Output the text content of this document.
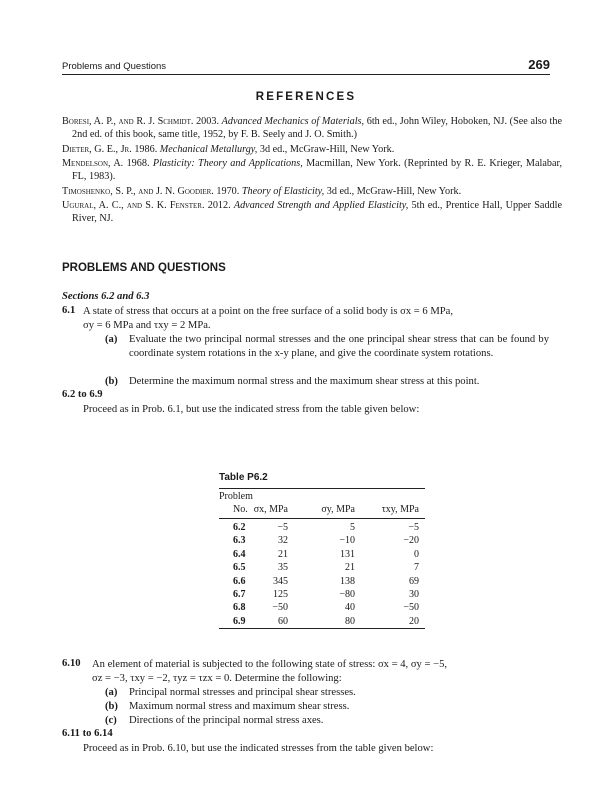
Problems and Questions	269
REFERENCES
Boresi, A. P., and R. J. Schmidt. 2003. Advanced Mechanics of Materials, 6th ed., John Wiley, Hoboken, NJ. (See also the 2nd ed. of this book, same title, 1952, by F. B. Seely and J. O. Smith.)
Dieter, G. E., Jr. 1986. Mechanical Metallurgy, 3d ed., McGraw-Hill, New York.
Mendelson, A. 1968. Plasticity: Theory and Applications, Macmillan, New York. (Reprinted by R. E. Krieger, Malabar, FL, 1983).
Timoshenko, S. P., and J. N. Goodier. 1970. Theory of Elasticity, 3d ed., McGraw-Hill, New York.
Ugural, A. C., and S. K. Fenster. 2012. Advanced Strength and Applied Elasticity, 5th ed., Prentice Hall, Upper Saddle River, NJ.
PROBLEMS AND QUESTIONS
Sections 6.2 and 6.3
6.1 A state of stress that occurs at a point on the free surface of a solid body is σx = 6 MPa,
σy = 6 MPa and τxy = 2 MPa.
(a) Evaluate the two principal normal stresses and the one principal shear stress that can be found by coordinate system rotations in the x-y plane, and give the coordinate system rotations.
(b) Determine the maximum normal stress and the maximum shear stress at this point.
6.2 to 6.9
Proceed as in Prob. 6.1, but use the indicated stress from the table given below:
Table P6.2
Problem
No. σx, MPa	σy, MPa	τxy, MPa
6.2	−5	5	−5
6.3	32	−10	−20
6.4	21	131	0
6.5	35	21	7
6.6	345	138	69
6.7	125	−80	30
6.8	−50	40	−50
6.9	60	80	20
6.10 An element of material is subjected to the following state of stress: σx = 4, σy = −5,
σz = −3, τxy = −2, τyz = τzx = 0. Determine the following:
(a) Principal normal stresses and principal shear stresses.
(b) Maximum normal stress and maximum shear stress.
(c) Directions of the principal normal stress axes.
6.11 to 6.14
Proceed as in Prob. 6.10, but use the indicated stresses from the table given below:
